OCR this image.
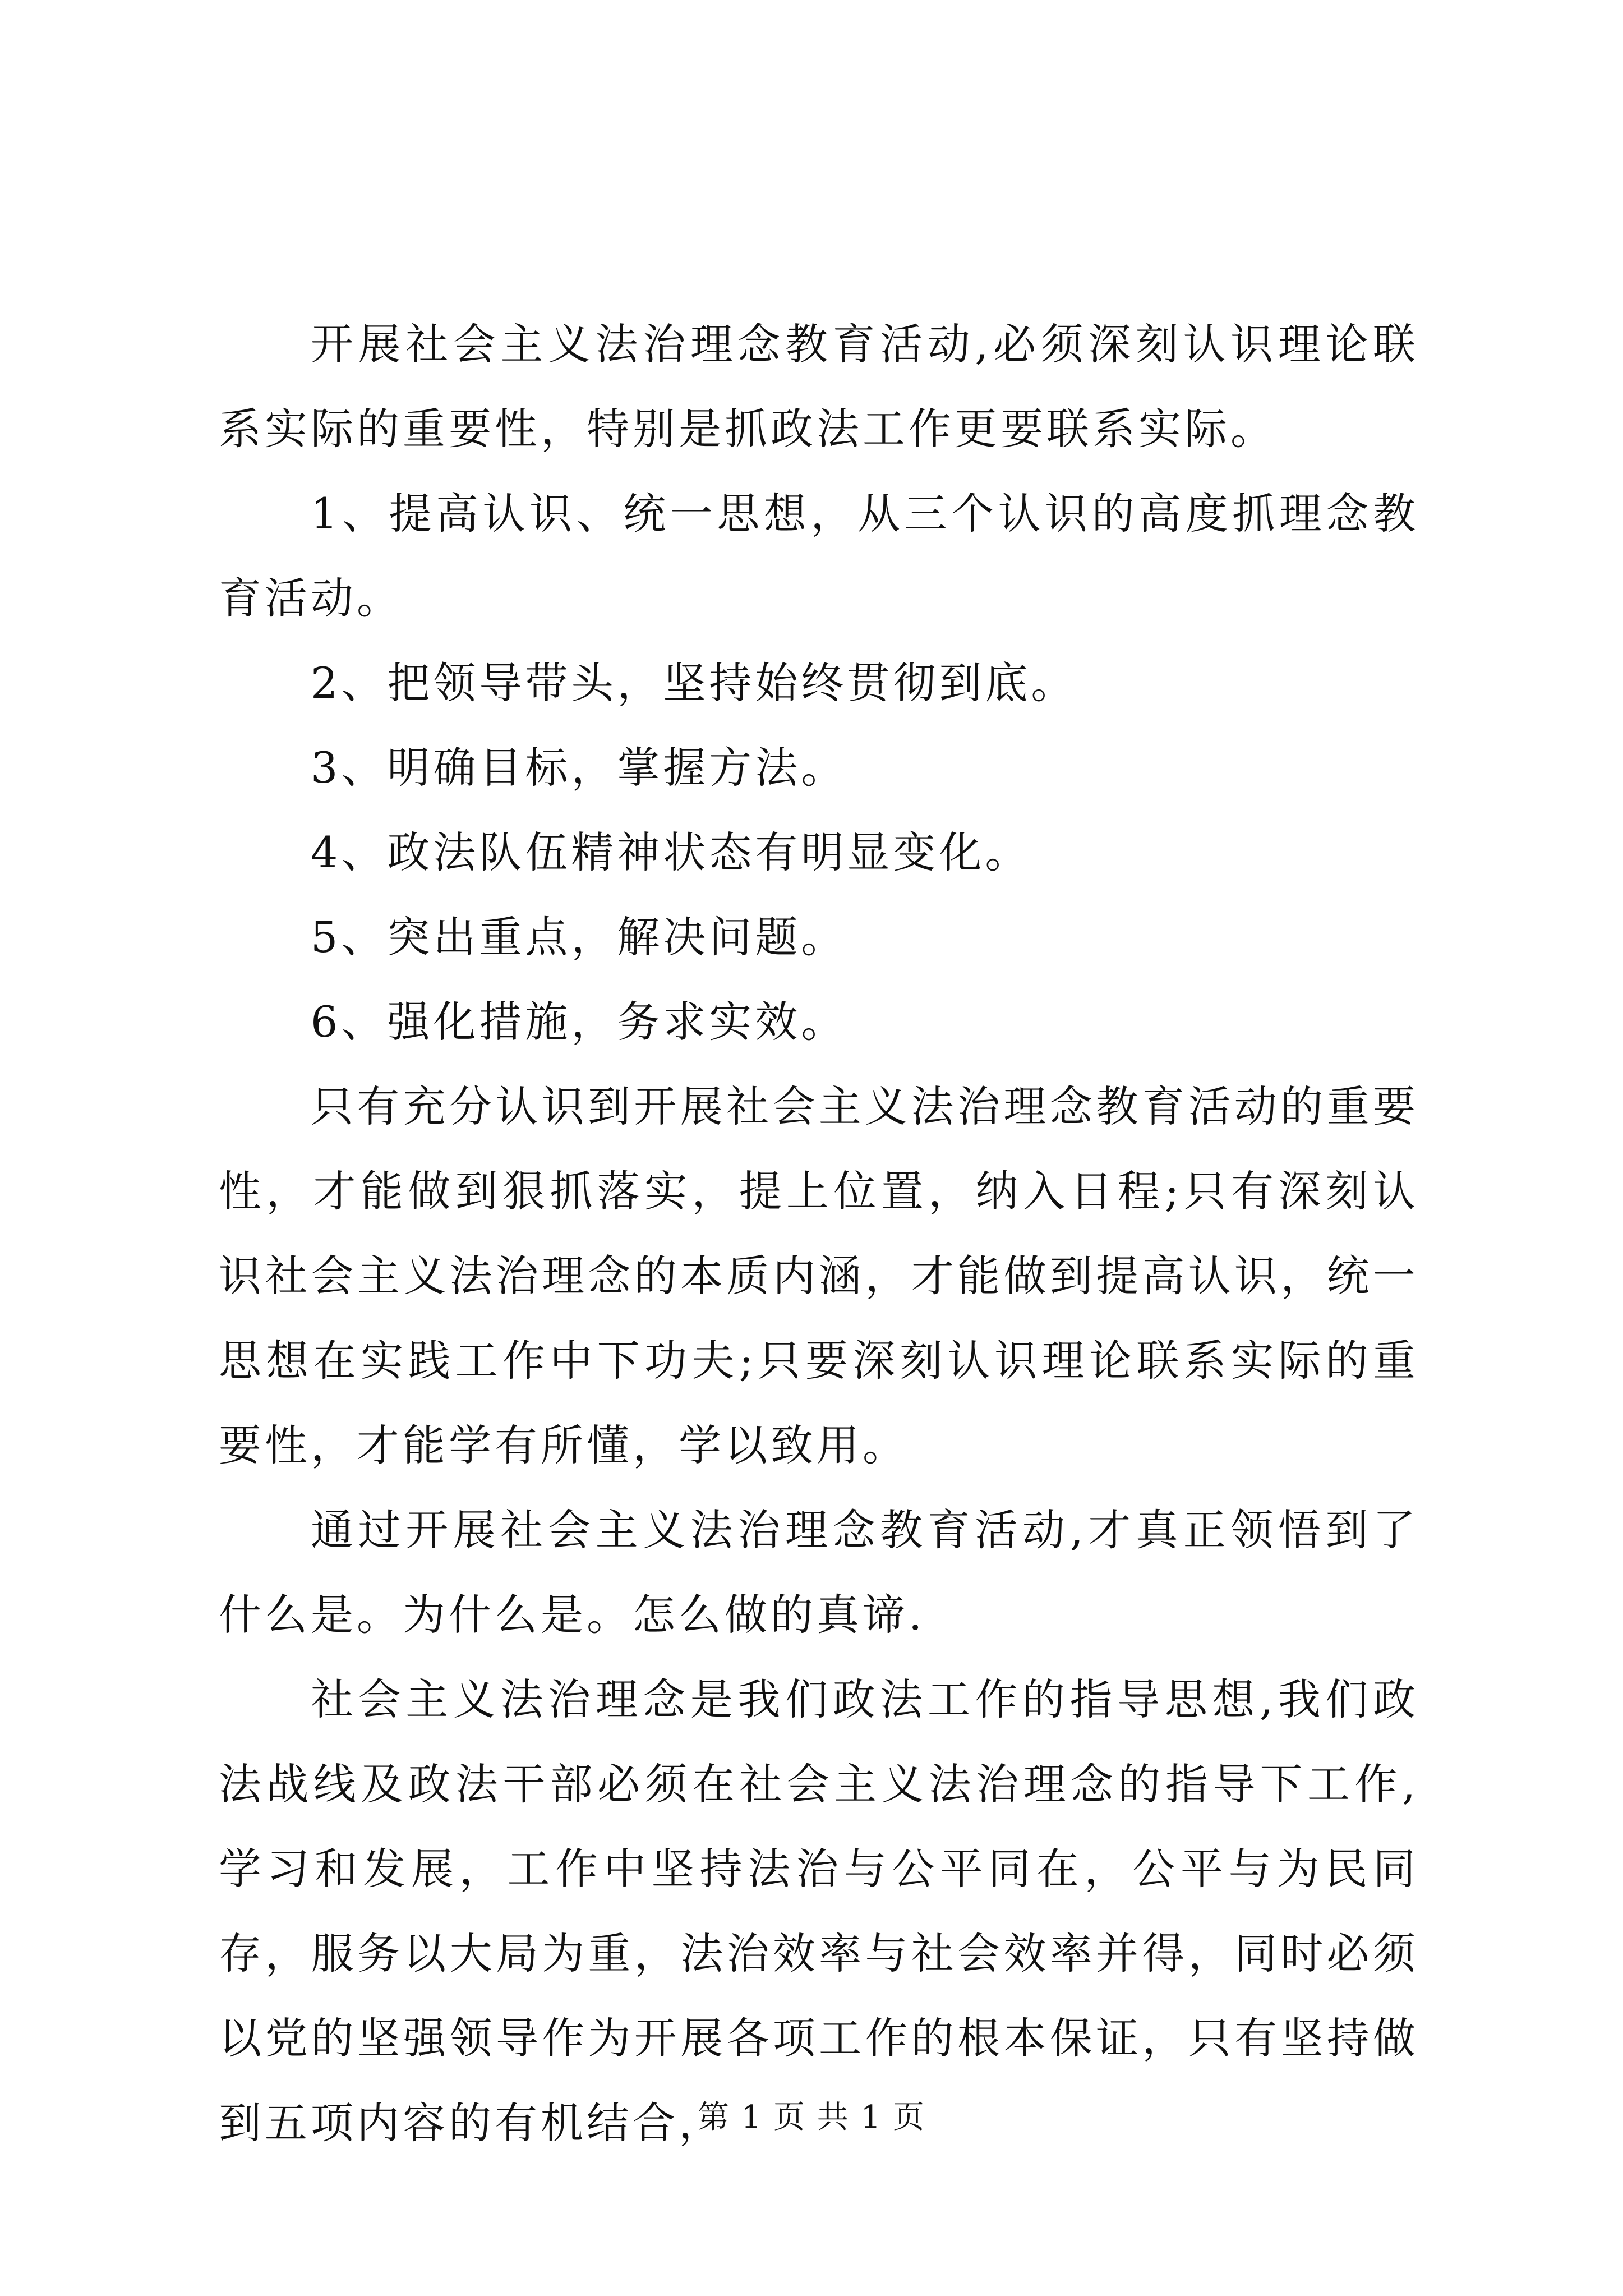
开展社会主义法治理念教育活动,必须深刻认识理论联系实际的重要性，特别是抓政法工作更要联系实际。

1、提高认识、统一思想，从三个认识的高度抓理念教育活动。

2、把领导带头，坚持始终贯彻到底。

3、明确目标，掌握方法。

4、政法队伍精神状态有明显变化。

5、突出重点，解决问题。

6、强化措施，务求实效。

只有充分认识到开展社会主义法治理念教育活动的重要性，才能做到狠抓落实，提上位置，纳入日程;只有深刻认识社会主义法治理念的本质内涵，才能做到提高认识，统一思想在实践工作中下功夫;只要深刻认识理论联系实际的重要性，才能学有所懂，学以致用。

通过开展社会主义法治理念教育活动,才真正领悟到了什么是。为什么是。怎么做的真谛.

社会主义法治理念是我们政法工作的指导思想,我们政法战线及政法干部必须在社会主义法治理念的指导下工作,学习和发展，工作中坚持法治与公平同在，公平与为民同存，服务以大局为重，法治效率与社会效率并得，同时必须以党的坚强领导作为开展各项工作的根本保证，只有坚持做到五项内容的有机结合，

第 1 页 共 1 页
